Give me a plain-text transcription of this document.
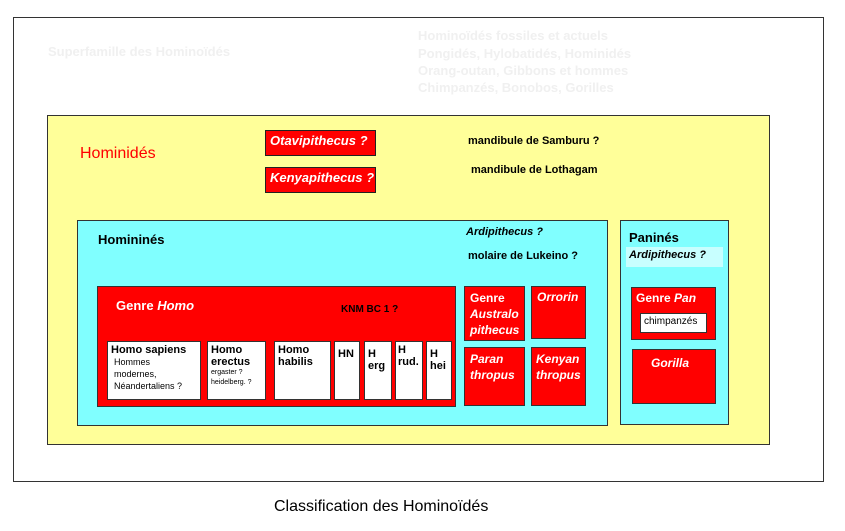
Superfamille des Hominoïdés
Hominoïdés fossiles et actuels
Pongidés, Hylobatidés, Hominidés
Orang-outan, Gibbons et hommes
Chimpanzés, Bonobos, Gorilles
Hominidés
Otavipithecus ?
Kenyapithecus ?
mandibule de Samburu ?
mandibule de Lothagam
Homininés	Ardipithecus ?
molaire de Lukeino ?
Genre Homo	KNM BC 1 ?
Homo sapiens
Hommes
modernes,
Néandertaliens ?
Homo
erectus
ergaster ?
heidelberg. ?
Homo
habilis
HN H
erg
H
rud.
H
hei
Genre
Australo
pithecus
Orrorin
Paran
thropus
Kenyan
thropus
Paninés
Ardipithecus ?
Genre Pan
chimpanzés
Gorilla
Classification des Hominoïdés
